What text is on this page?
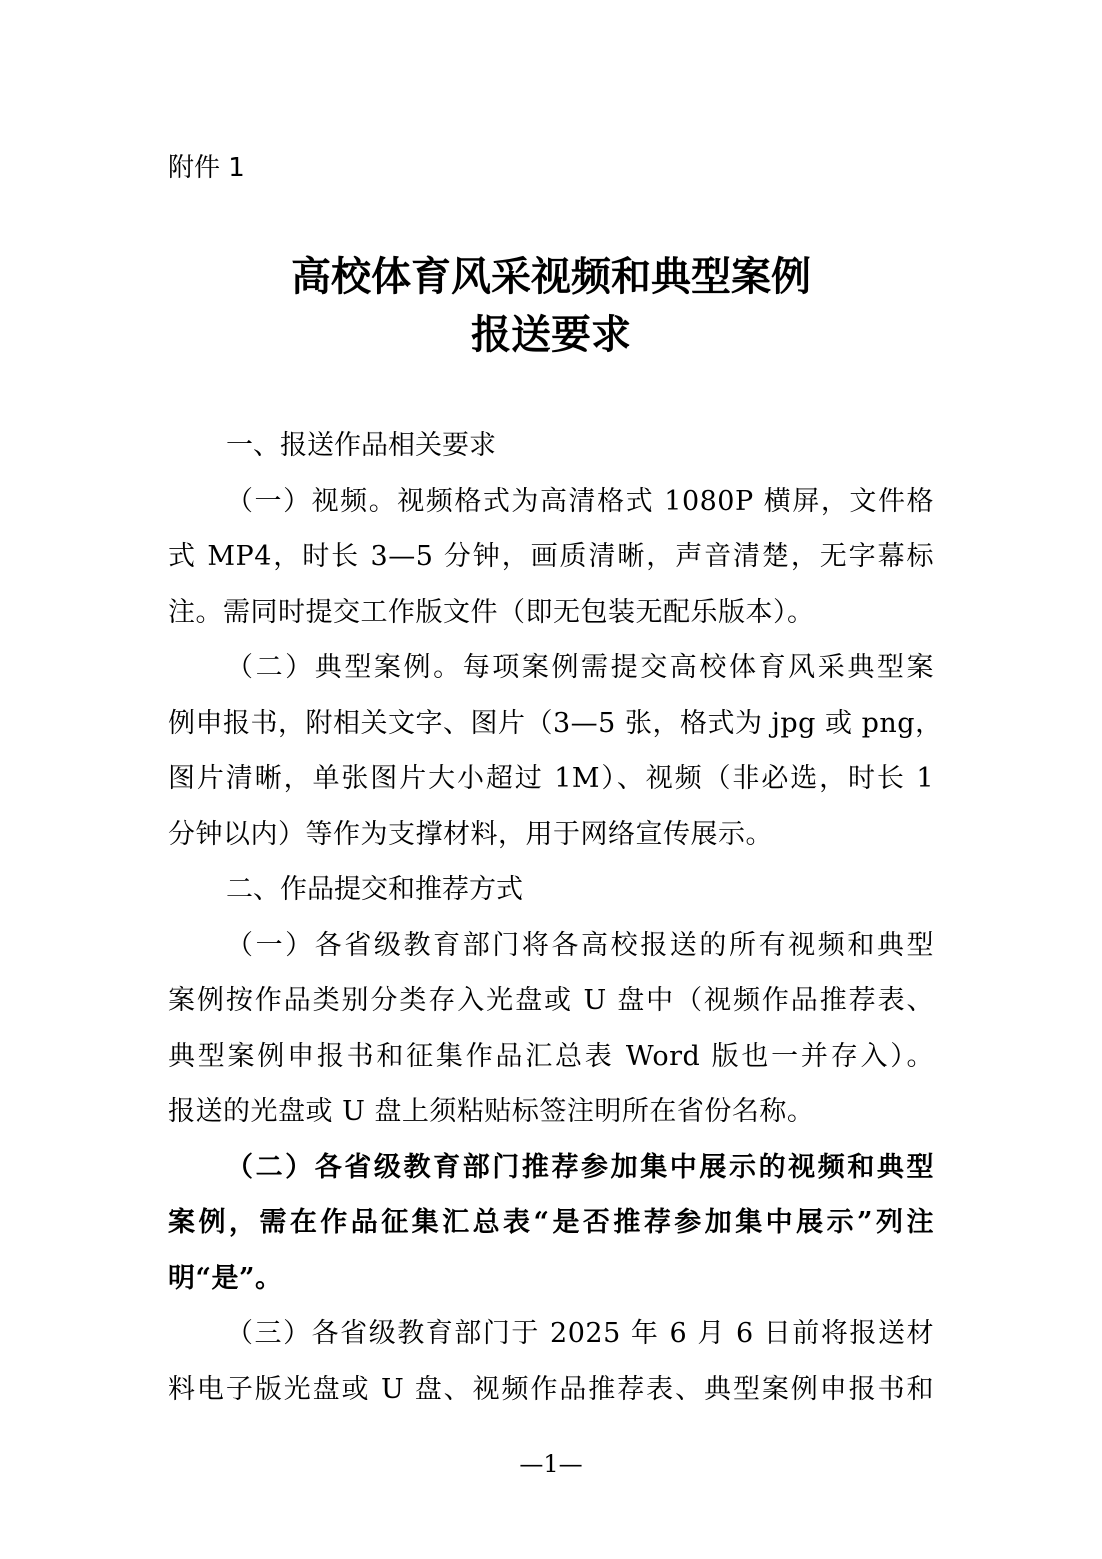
附件 1
高校体育风采视频和典型案例
报送要求
一、报送作品相关要求
（一）视频。视频格式为高清格式 1080P 横屏，文件格
式 MP4，时长 3—5 分钟，画质清晰，声音清楚，无字幕标
注。需同时提交工作版文件（即无包装无配乐版本）。
（二）典型案例。每项案例需提交高校体育风采典型案
例申报书，附相关文字、图片（3—5 张，格式为 jpg 或 png，
图片清晰，单张图片大小超过 1M）、视频（非必选，时长 1
分钟以内）等作为支撑材料，用于网络宣传展示。
二、作品提交和推荐方式
（一）各省级教育部门将各高校报送的所有视频和典型
案例按作品类别分类存入光盘或 U 盘中（视频作品推荐表、
典型案例申报书和征集作品汇总表 Word 版也一并存入）。
报送的光盘或 U 盘上须粘贴标签注明所在省份名称。
（二）各省级教育部门推荐参加集中展示的视频和典型
案例，需在作品征集汇总表“是否推荐参加集中展示”列注
明“是”。
（三）各省级教育部门于 2025 年 6 月 6 日前将报送材
料电子版光盘或 U 盘、视频作品推荐表、典型案例申报书和
—1—
